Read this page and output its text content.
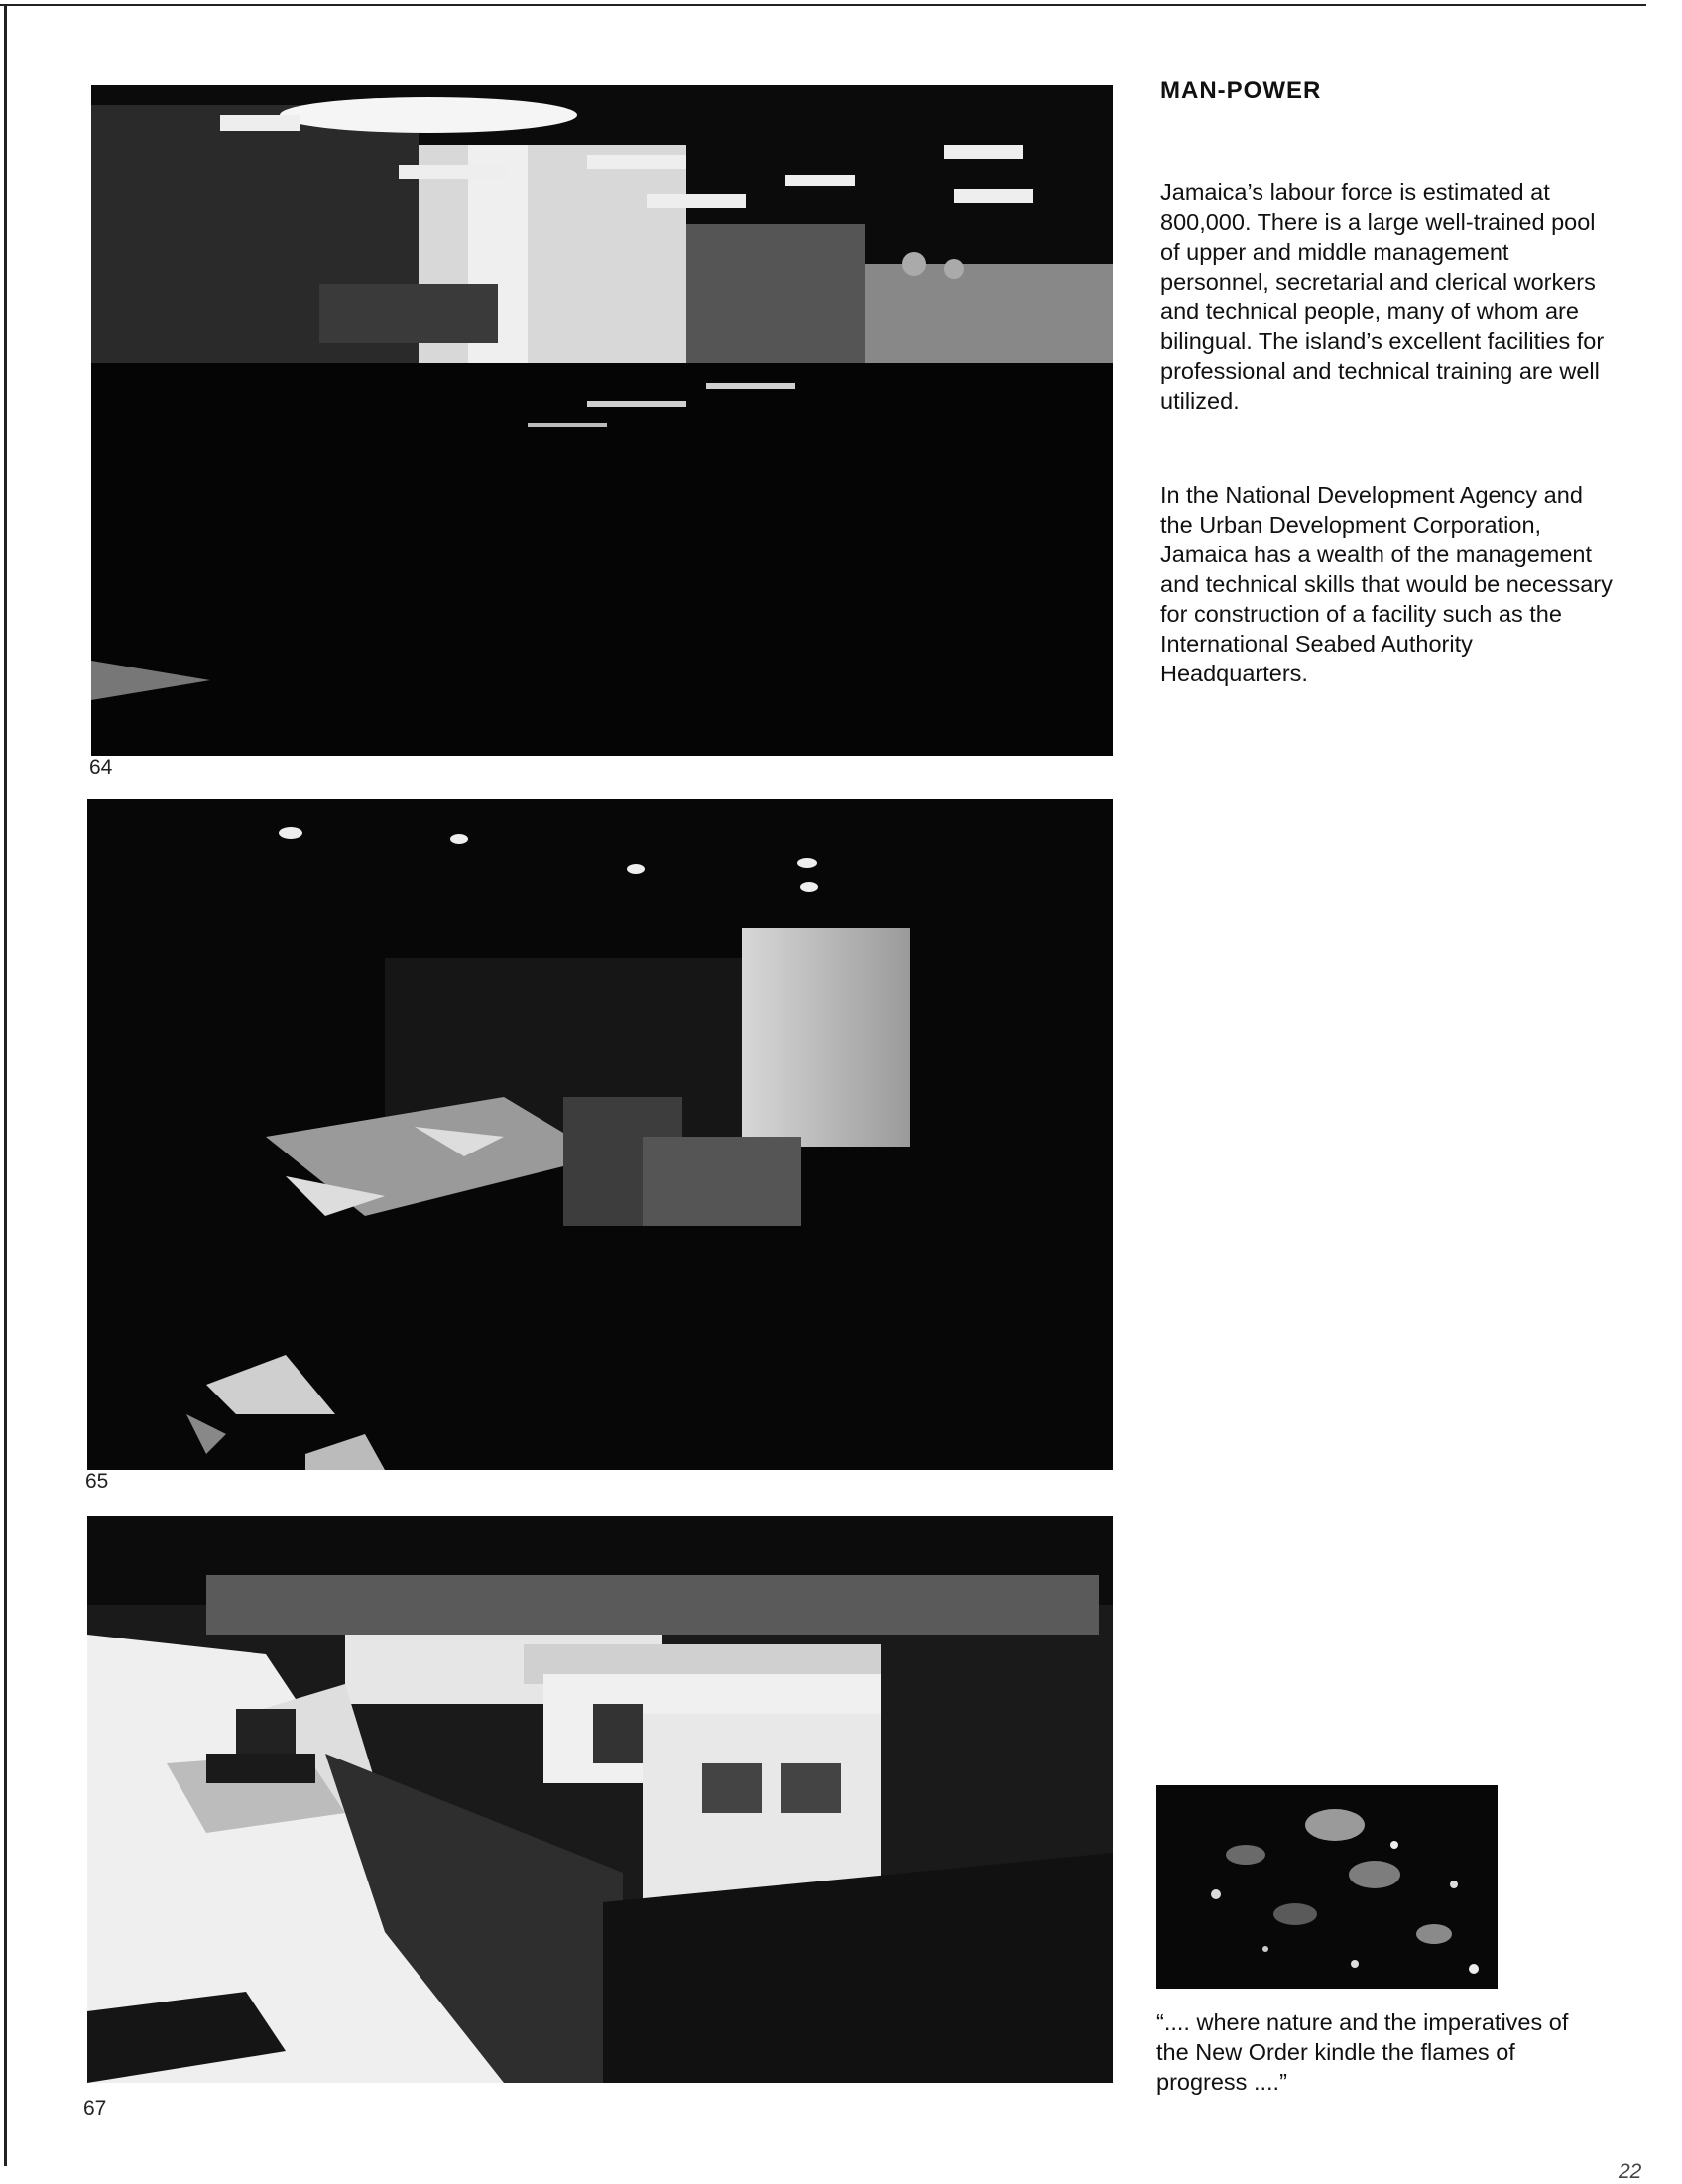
64
65
67
MAN-POWER

Jamaica’s labour force is estimated at 800,000. There is a large well-trained pool of upper and middle management personnel, secretarial and clerical workers and technical people, many of whom are bilingual. The island’s excellent facilities for professional and technical training are well utilized.

In the National Development Agency and the Urban Development Corporation, Jamaica has a wealth of the management and technical skills that would be necessary for construction of a facility such as the International Seabed Authority Headquarters.

“.... where nature and the imperatives of the New Order kindle the flames of progress ....”

22
